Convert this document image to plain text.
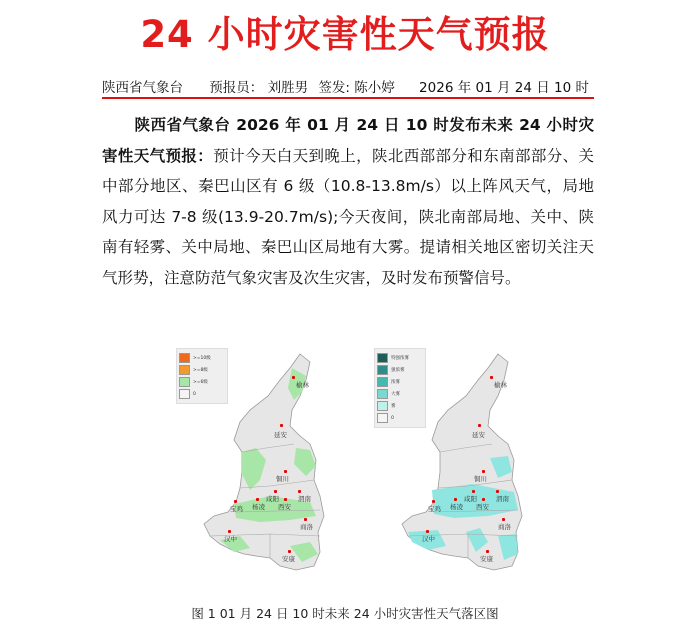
24 小时灾害性天气预报
陕西省气象台 预报员： 刘胜男 签发: 陈小婷 2026 年 01 月 24 日 10 时
陕西省气象台 2026 年 01 月 24 日 10 时发布未来 24 小时灾害性天气预报：预计今天白天到晚上，陕北西部部分和东南部部分、关中部分地区、秦巴山区有 6 级（10.8-13.8m/s）以上阵风天气，局地风力可达 7-8 级(13.9-20.7m/s);今天夜间，陕北南部局地、关中、陕南有轻雾、关中局地、秦巴山区局地有大雾。提请相关地区密切关注天气形势，注意防范气象灾害及次生灾害，及时发布预警信号。
>=10级
>=8级
>=6级
0
榆林
延安
铜川
渭南
宝鸡 杨凌
咸阳
西安
商洛
汉中
安康
特强浓雾
强浓雾
浓雾
大雾
雾
0
榆林
延安
铜川
渭南
宝鸡 杨凌
咸阳
西安
商洛
汉中
安康
图 1 01 月 24 日 10 时未来 24 小时灾害性天气落区图
